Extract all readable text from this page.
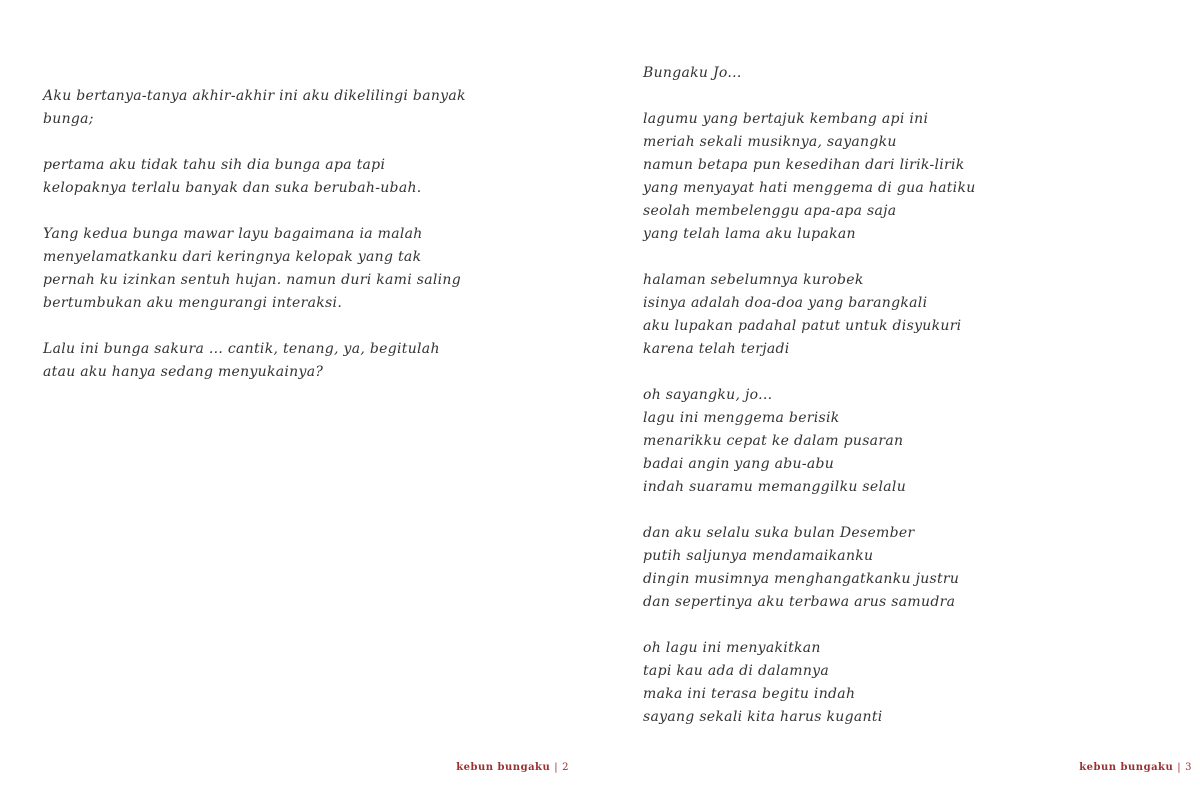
Aku bertanya-tanya akhir-akhir ini aku dikelilingi banyak bunga;

pertama aku tidak tahu sih dia bunga apa tapi kelopaknya terlalu banyak dan suka berubah-ubah.

Yang kedua bunga mawar layu bagaimana ia malah menyelamatkanku dari keringnya kelopak yang tak pernah ku izinkan sentuh hujan. namun duri kami saling bertumbukan aku mengurangi interaksi.

Lalu ini bunga sakura ... cantik, tenang, ya, begitulah atau aku hanya sedang menyukainya?

kebun bungaku | 2
Bungaku Jo...
lagumu yang bertajuk kembang api ini
meriah sekali musiknya, sayangku
namun betapa pun kesedihan dari lirik-lirik
yang menyayat hati menggema di gua hatiku
seolah membelenggu apa-apa saja
yang telah lama aku lupakan
halaman sebelumnya kurobek
isinya adalah doa-doa yang barangkali
aku lupakan padahal patut untuk disyukuri
karena telah terjadi
oh sayangku, jo...
lagu ini menggema berisik
menarikku cepat ke dalam pusaran
badai angin yang abu-abu
indah suaramu memanggilku selalu
dan aku selalu suka bulan Desember
putih saljunya mendamaikanku
dingin musimnya menghangatkanku justru
dan sepertinya aku terbawa arus samudra
oh lagu ini menyakitkan
tapi kau ada di dalamnya
maka ini terasa begitu indah
sayang sekali kita harus kuganti
kebun bungaku | 3
